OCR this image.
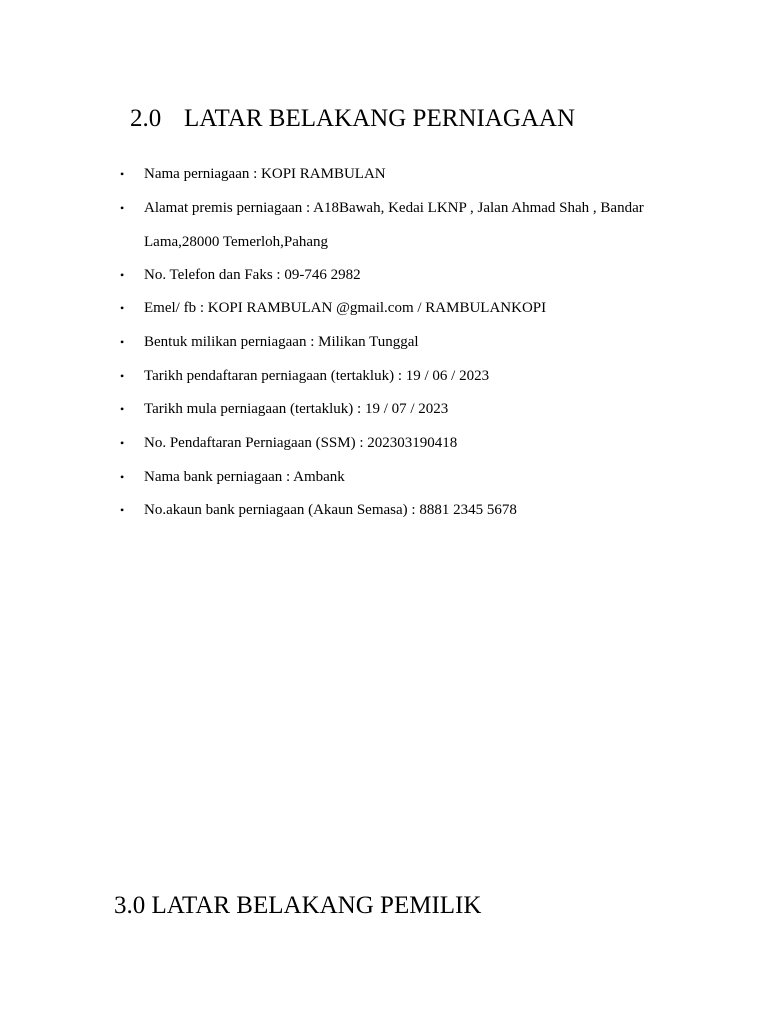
2.0 LATAR BELAKANG PERNIAGAAN
• Nama perniagaan : KOPI RAMBULAN
• Alamat premis perniagaan : A18Bawah, Kedai LKNP , Jalan Ahmad Shah , Bandar
Lama,28000 Temerloh,Pahang
• No. Telefon dan Faks : 09-746 2982
• Emel/ fb : KOPI RAMBULAN @gmail.com / RAMBULANKOPI
• Bentuk milikan perniagaan : Milikan Tunggal
• Tarikh pendaftaran perniagaan (tertakluk) : 19 / 06 / 2023
• Tarikh mula perniagaan (tertakluk) : 19 / 07 / 2023
• No. Pendaftaran Perniagaan (SSM) : 202303190418
• Nama bank perniagaan : Ambank
• No.akaun bank perniagaan (Akaun Semasa) : 8881 2345 5678
3.0 LATAR BELAKANG PEMILIK
